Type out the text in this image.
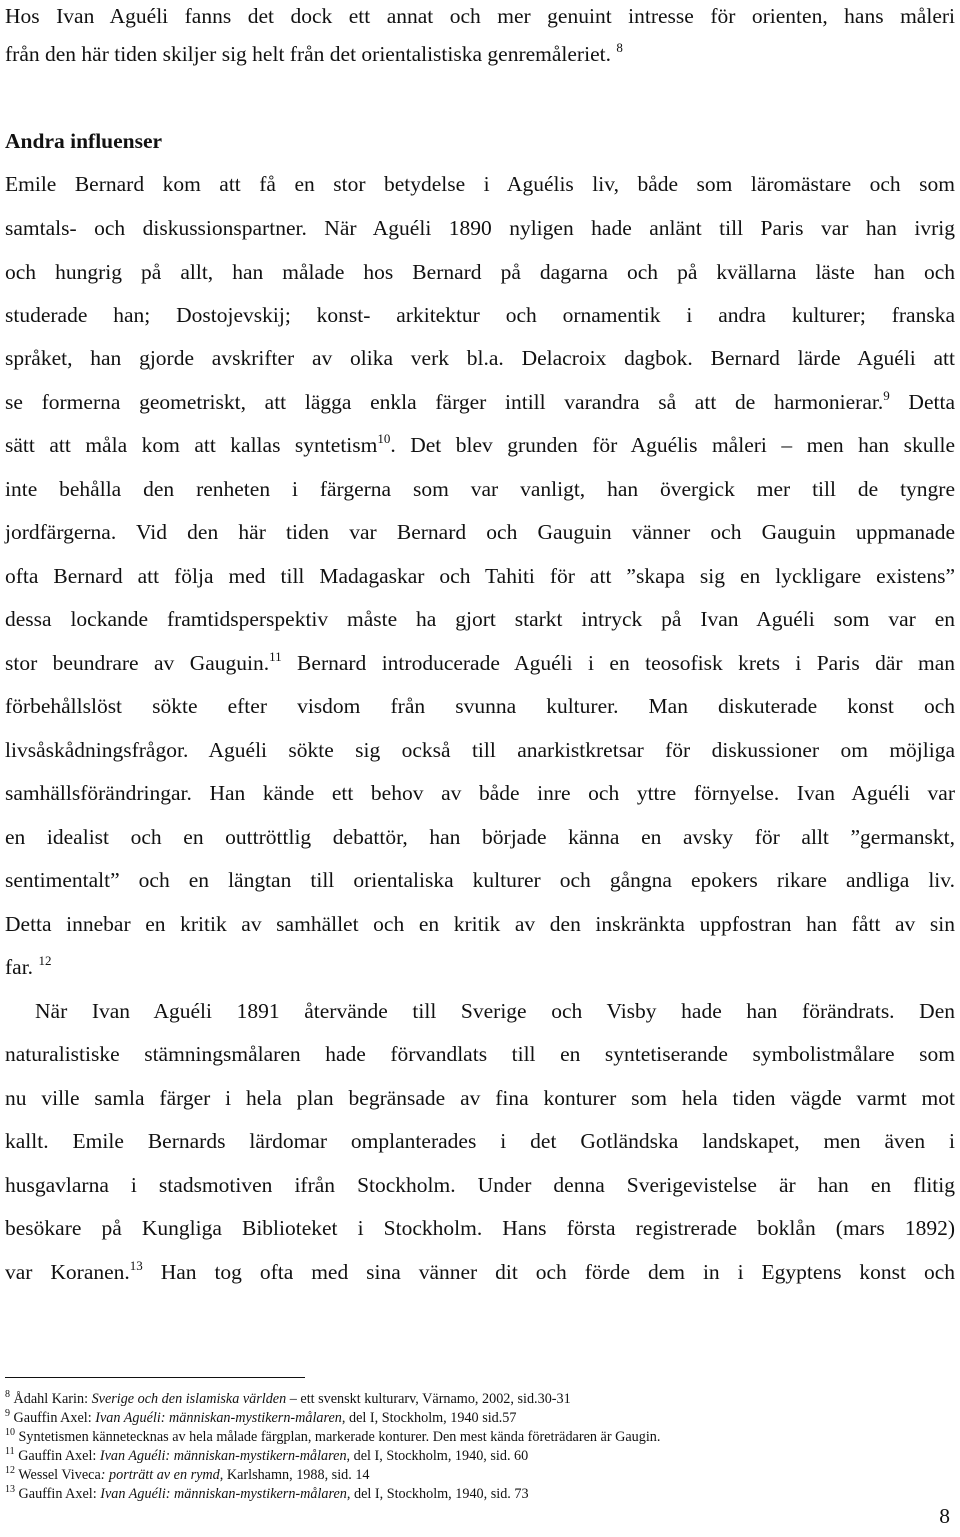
Hos Ivan Aguéli fanns det dock ett annat och mer genuint intresse för orienten, hans måleri
från den här tiden skiljer sig helt från det orientalistiska genremåleriet. $^8$
Andra influenser
Emile Bernard kom att få en stor betydelse i Aguélis liv, både som läromästare och som
samtals- och diskussionspartner. När Aguéli 1890 nyligen hade anlänt till Paris var han ivrig
och hungrig på allt, han målade hos Bernard på dagarna och på kvällarna läste han och
studerade han; Dostojevskij; konst- arkitektur och ornamentik i andra kulturer; franska
språket, han gjorde avskrifter av olika verk bl.a. Delacroix dagbok. Bernard lärde Aguéli att
se formerna geometriskt, att lägga enkla färger intill varandra så att de harmonierar.$^9$ Detta
sätt att måla kom att kallas syntetism$^{10}$. Det blev grunden för Aguélis måleri – men han skulle
inte behålla den renheten i färgerna som var vanligt, han övergick mer till de tyngre
jordfärgerna. Vid den här tiden var Bernard och Gauguin vänner och Gauguin uppmanade
ofta Bernard att följa med till Madagaskar och Tahiti för att ”skapa sig en lyckligare existens”
dessa lockande framtidsperspektiv måste ha gjort starkt intryck på Ivan Aguéli som var en
stor beundrare av Gauguin.$^{11}$ Bernard introducerade Aguéli i en teosofisk krets i Paris där man
förbehållslöst sökte efter visdom från svunna kulturer. Man diskuterade konst och
livsåskådningsfrågor. Aguéli sökte sig också till anarkistkretsar för diskussioner om möjliga
samhällsförändringar. Han kände ett behov av både inre och yttre förnyelse. Ivan Aguéli var
en idealist och en outtröttlig debattör, han började känna en avsky för allt ”germanskt,
sentimentalt” och en längtan till orientaliska kulturer och gångna epokers rikare andliga liv.
Detta innebar en kritik av samhället och en kritik av den inskränkta uppfostran han fått av sin
far. $^{12}$
När Ivan Aguéli 1891 återvände till Sverige och Visby hade han förändrats. Den
naturalistiske stämningsmålaren hade förvandlats till en syntetiserande symbolistmålare som
nu ville samla färger i hela plan begränsade av fina konturer som hela tiden vägde varmt mot
kallt. Emile Bernards lärdomar omplanterades i det Gotländska landskapet, men även i
husgavlarna i stadsmotiven ifrån Stockholm. Under denna Sverigevistelse är han en flitig
besökare på Kungliga Biblioteket i Stockholm. Hans första registrerade boklån (mars 1892)
var Koranen.$^{13}$ Han tog ofta med sina vänner dit och förde dem in i Egyptens konst och
$^8$ Ådahl Karin: Sverige och den islamiska världen – ett svenskt kulturarv, Värnamo, 2002, sid.30-31
$^9$ Gauffin Axel: Ivan Aguéli: människan-mystikern-målaren, del I, Stockholm, 1940 sid.57
$^{10}$ Syntetismen kännetecknas av hela målade färgplan, markerade konturer. Den mest kända företrädaren är Gaugin.
$^{11}$ Gauffin Axel: Ivan Aguéli: människan-mystikern-målaren, del I, Stockholm, 1940, sid. 60
$^{12}$ Wessel Viveca: porträtt av en rymd, Karlshamn, 1988, sid. 14
$^{13}$ Gauffin Axel: Ivan Aguéli: människan-mystikern-målaren, del I, Stockholm, 1940, sid. 73
8
